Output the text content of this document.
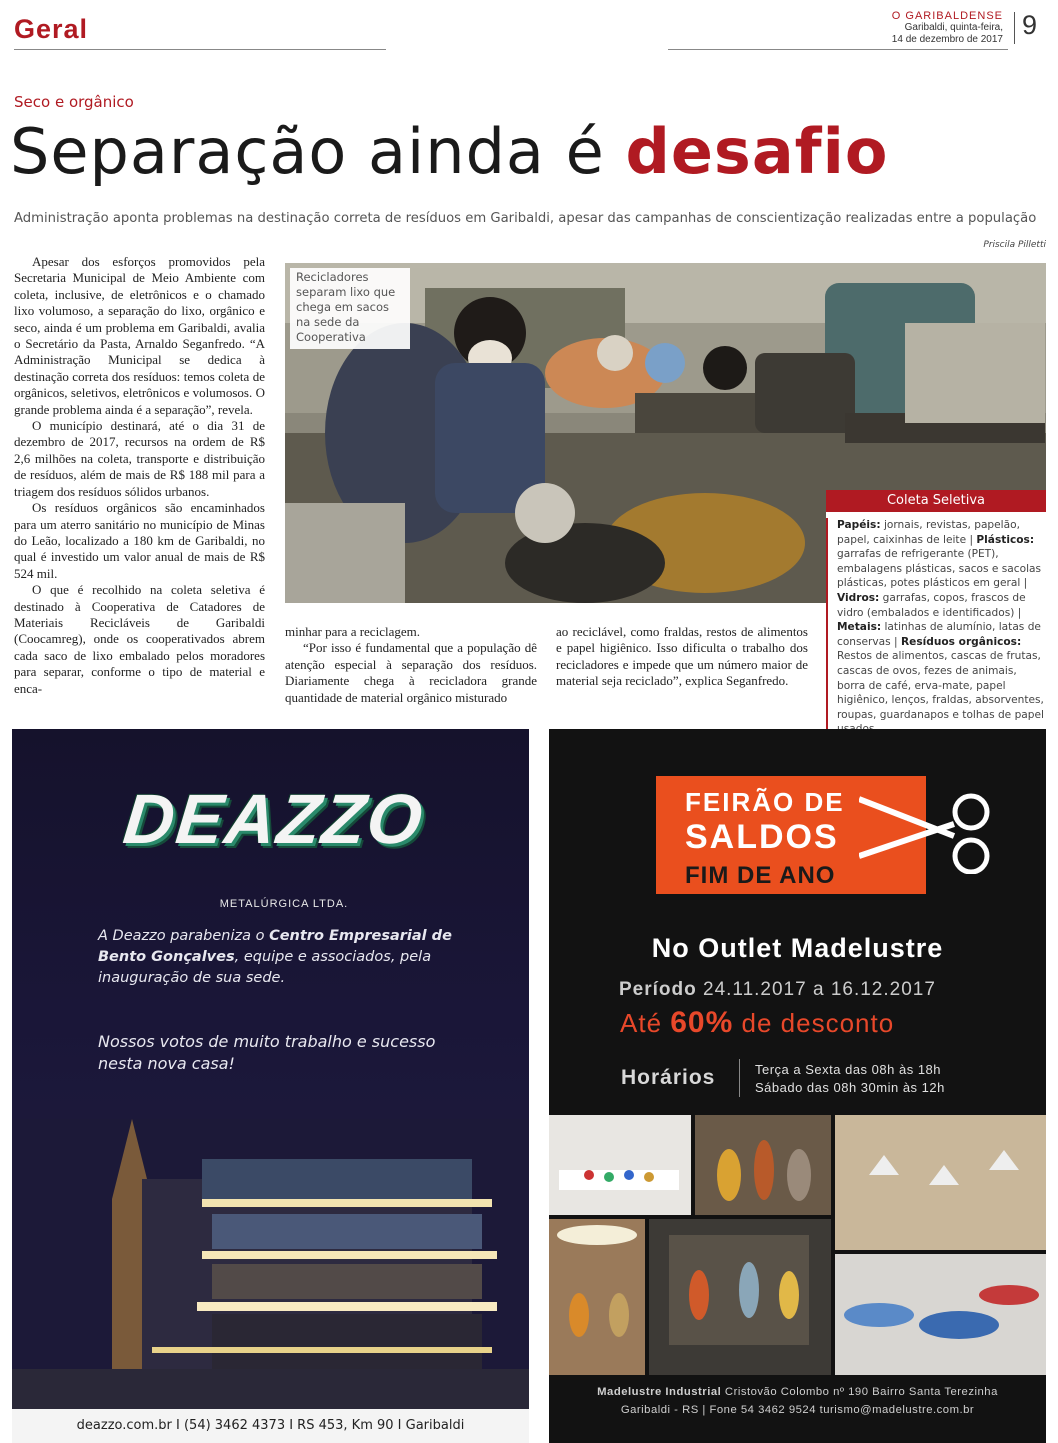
Geral	O GARIBALDENSE
Garibaldi, quinta-feira,
14 de dezembro de 2017 9
Seco e orgânico
Separação ainda é desafio
Administração aponta problemas na destinação correta de resíduos em Garibaldi, apesar das campanhas de conscientização realizadas entre a população
Priscila Pilletti

Apesar dos esforços promovidos pela Secretaria Municipal de Meio Ambiente com coleta, inclusive, de eletrônicos e o chamado lixo volumoso, a separação do lixo, orgânico e seco, ainda é um problema em Garibaldi, avalia o Secretário da Pasta, Arnaldo Seganfredo. “A Administração Municipal se dedica à destinação correta dos resíduos: temos coleta de orgânicos, seletivos, eletrônicos e volumosos. O grande problema ainda é a separação”, revela.

O município destinará, até o dia 31 de dezembro de 2017, recursos na ordem de R$ 2,6 milhões na coleta, transporte e distribuição de resíduos, além de mais de R$ 188 mil para a triagem dos resíduos sólidos urbanos.

Os resíduos orgânicos são encaminhados para um aterro sanitário no município de Minas do Leão, localizado a 180 km de Garibaldi, no qual é investido um valor anual de mais de R$ 524 mil.

O que é recolhido na coleta seletiva é destinado à Cooperativa de Catadores de Materiais Recicláveis de Garibaldi (Coocamreg), onde os cooperativados abrem cada saco de lixo embalado pelos moradores para separar, conforme o tipo de material e enca-

Recicladores separam lixo que chega em sacos na sede da Cooperativa
Coleta Seletiva
Papéis: jornais, revistas, papelão, papel, caixinhas de leite | Plásticos: garrafas de refrigerante (PET), embalagens plásticas, sacos e sacolas plásticas, potes plásticos em geral | Vidros: garrafas, copos, frascos de vidro (embalados e identificados) | Metais: latinhas de alumínio, latas de conservas | Resíduos orgânicos: Restos de alimentos, cascas de frutas, cascas de ovos, fezes de animais, borra de café, erva-mate, papel higiênico, lenços, fraldas, absorventes, roupas, guardanapos e tolhas de papel

minhar para a reciclagem.

“Por isso é fundamental que a população dê atenção especial à separação dos resíduos. Diariamente chega à recicladora grande quantidade de material orgânico misturado

ao reciclável, como fraldas, restos de alimentos e papel higiênico. Isso dificulta o trabalho dos recicladores e impede que um número maior de material seja reciclado”, explica Seganfredo.

DEAZZO
METALÚRGICA LTDA.
A Deazzo parabeniza o Centro Empresarial de Bento Gonçalves, equipe e associados, pela inauguração de sua sede.
Nossos votos de muito trabalho e sucesso nesta nova casa!
deazzo.com.br I (54) 3462 4373 I RS 453, Km 90 I Garibaldi
FEIRÃO DE
SALDOS
FIM DE ANO
No Outlet Madelustre
Período 24.11.2017 a 16.12.2017
Até 60% de desconto
Horários	Terça a Sexta das 08h às 18h
Sábado das 08h 30min às 12h
Madelustre Industrial Cristovão Colombo nº 190 Bairro Santa Terezinha
Garibaldi - RS | Fone 54 3462 9524 turismo@madelustre.com.br
